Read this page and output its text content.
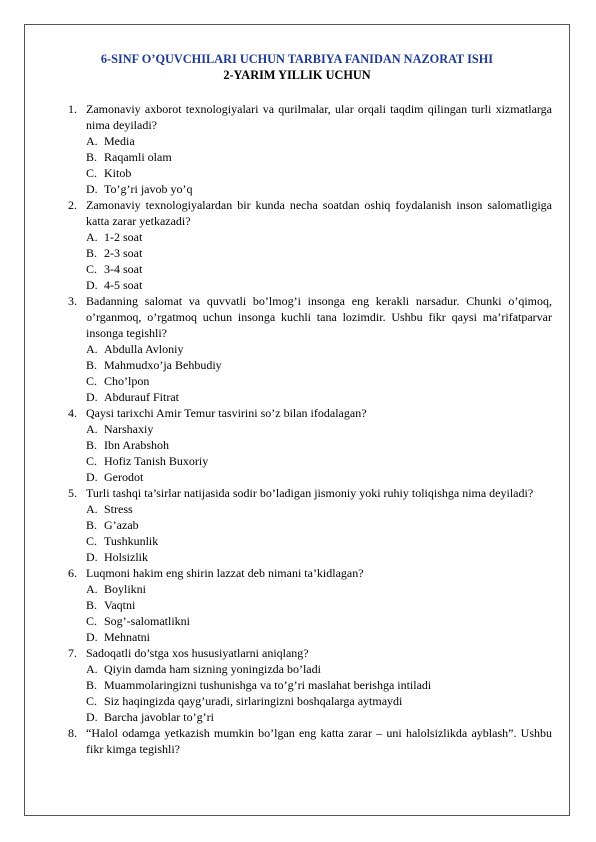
6-SINF O’QUVCHILARI UCHUN TARBIYA FANIDAN NAZORAT ISHI
2-YARIM YILLIK UCHUN
1. Zamonaviy axborot texnologiyalari va qurilmalar, ular orqali taqdim qilingan turli xizmatlarga nima deyiladi?
A. Media
B. Raqamli olam
C. Kitob
D. To’g’ri javob yo’q
2. Zamonaviy texnologiyalardan bir kunda necha soatdan oshiq foydalanish inson salomatligiga katta zarar yetkazadi?
A. 1-2 soat
B. 2-3 soat
C. 3-4 soat
D. 4-5 soat
3. Badanning salomat va quvvatli bo’lmog’i insonga eng kerakli narsadur. Chunki o’qimoq, o’rganmoq, o’rgatmoq uchun insonga kuchli tana lozimdir. Ushbu fikr qaysi ma’rifatparvar insonga tegishli?
A. Abdulla Avloniy
B. Mahmudxo’ja Behbudiy
C. Cho’lpon
D. Abdurauf Fitrat
4. Qaysi tarixchi Amir Temur tasvirini so’z bilan ifodalagan?
A. Narshaxiy
B. Ibn Arabshoh
C. Hofiz Tanish Buxoriy
D. Gerodot
5. Turli tashqi ta’sirlar natijasida sodir bo’ladigan jismoniy yoki ruhiy toliqishga nima deyiladi?
A. Stress
B. G’azab
C. Tushkunlik
D. Holsizlik
6. Luqmoni hakim eng shirin lazzat deb nimani ta’kidlagan?
A. Boylikni
B. Vaqtni
C. Sog’-salomatlikni
D. Mehnatni
7. Sadoqatli do’stga xos hususiyatlarni aniqlang?
A. Qiyin damda ham sizning yoningizda bo’ladi
B. Muammolaringizni tushunishga va to’g’ri maslahat berishga intiladi
C. Siz haqingizda qayg’uradi, sirlaringizni boshqalarga aytmaydi
D. Barcha javoblar to’g’ri
8. “Halol odamga yetkazish mumkin bo’lgan eng katta zarar – uni halolsizlikda ayblash”. Ushbu fikr kimga tegishli?
